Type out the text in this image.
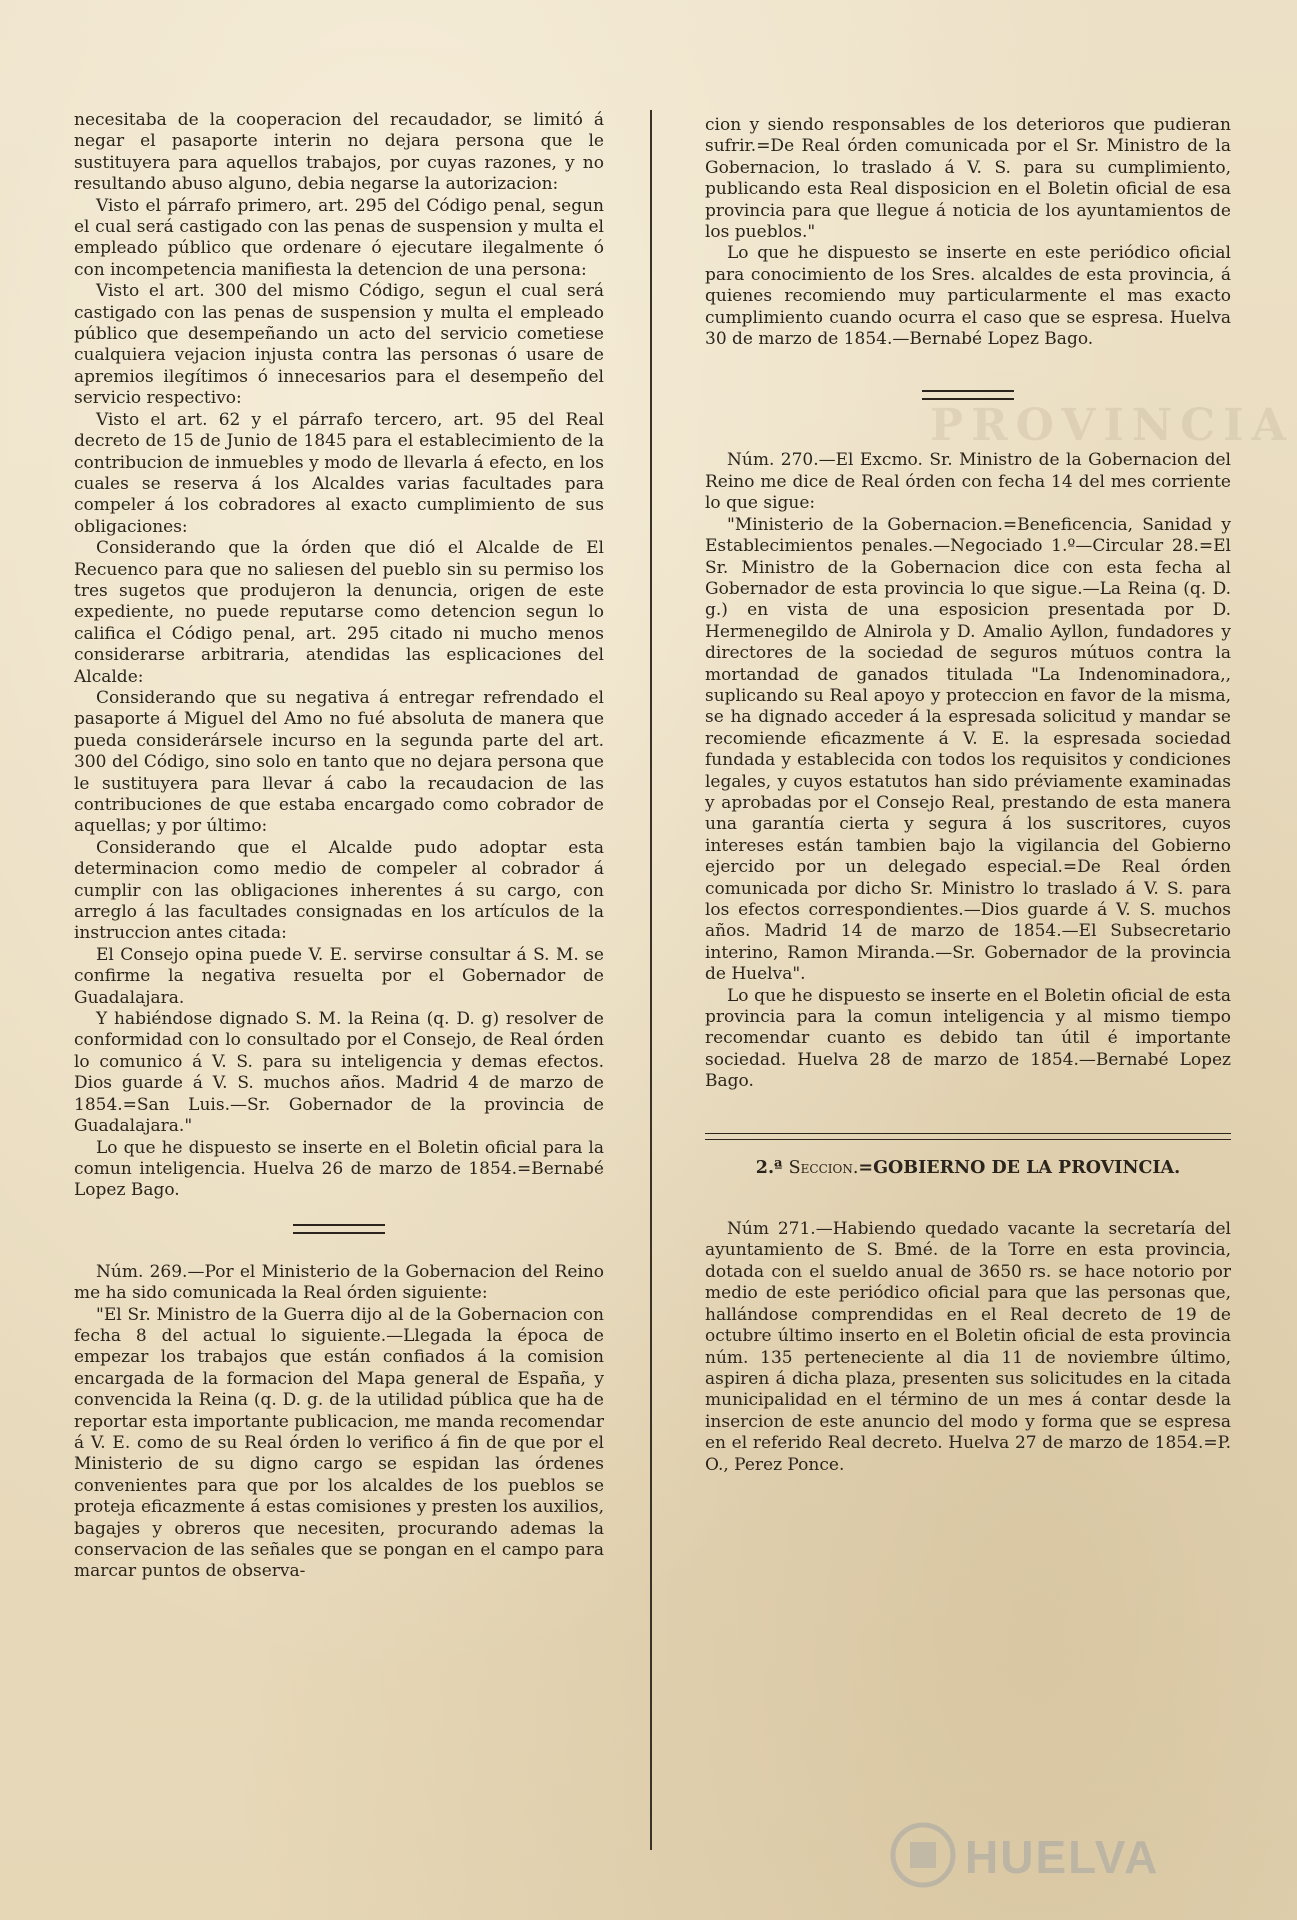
PROVINCIA

necesitaba de la cooperacion del recaudador, se limitó á negar el pasaporte interin no dejara persona que le sustituyera para aquellos trabajos, por cuyas razones, y no resultando abuso alguno, debia negarse la autorizacion:

Visto el párrafo primero, art. 295 del Código penal, segun el cual será castigado con las penas de suspension y multa el empleado público que ordenare ó ejecutare ilegalmente ó con incompetencia manifiesta la detencion de una persona:

Visto el art. 300 del mismo Código, segun el cual será castigado con las penas de suspension y multa el empleado público que desempeñando un acto del servicio cometiese cualquiera vejacion injusta contra las personas ó usare de apremios ilegítimos ó innecesarios para el desempeño del servicio respectivo:

Visto el art. 62 y el párrafo tercero, art. 95 del Real decreto de 15 de Junio de 1845 para el establecimiento de la contribucion de inmuebles y modo de llevarla á efecto, en los cuales se reserva á los Alcaldes varias facultades para compeler á los cobradores al exacto cumplimiento de sus obligaciones:

Considerando que la órden que dió el Alcalde de El Recuenco para que no saliesen del pueblo sin su permiso los tres sugetos que produjeron la denuncia, origen de este expediente, no puede reputarse como detencion segun lo califica el Código penal, art. 295 citado ni mucho menos considerarse arbitraria, atendidas las esplicaciones del Alcalde:

Considerando que su negativa á entregar refrendado el pasaporte á Miguel del Amo no fué absoluta de manera que pueda considerársele incurso en la segunda parte del art. 300 del Código, sino solo en tanto que no dejara persona que le sustituyera para llevar á cabo la recaudacion de las contribuciones de que estaba encargado como cobrador de aquellas; y por último:

Considerando que el Alcalde pudo adoptar esta determinacion como medio de compeler al cobrador á cumplir con las obligaciones inherentes á su cargo, con arreglo á las facultades consignadas en los artículos de la instruccion antes citada:

El Consejo opina puede V. E. servirse consultar á S. M. se confirme la negativa resuelta por el Gobernador de Guadalajara.

Y habiéndose dignado S. M. la Reina (q. D. g) resolver de conformidad con lo consultado por el Consejo, de Real órden lo comunico á V. S. para su inteligencia y demas efectos. Dios guarde á V. S. muchos años. Madrid 4 de marzo de 1854.=San Luis.—Sr. Gobernador de la provincia de Guadalajara."

Lo que he dispuesto se inserte en el Boletin oficial para la comun inteligencia. Huelva 26 de marzo de 1854.=Bernabé Lopez Bago.

Núm. 269.—Por el Ministerio de la Gobernacion del Reino me ha sido comunicada la Real órden siguiente:

"El Sr. Ministro de la Guerra dijo al de la Gobernacion con fecha 8 del actual lo siguiente.—Llegada la época de empezar los trabajos que están confiados á la comision encargada de la formacion del Mapa general de España, y convencida la Reina (q. D. g. de la utilidad pública que ha de reportar esta importante publicacion, me manda recomendar á V. E. como de su Real órden lo verifico á fin de que por el Ministerio de su digno cargo se espidan las órdenes convenientes para que por los alcaldes de los pueblos se proteja eficazmente á estas comisiones y presten los auxilios, bagajes y obreros que necesiten, procurando ademas la conservacion de las señales que se pongan en el campo para marcar puntos de observa-

cion y siendo responsables de los deterioros que pudieran sufrir.=De Real órden comunicada por el Sr. Ministro de la Gobernacion, lo traslado á V. S. para su cumplimiento, publicando esta Real disposicion en el Boletin oficial de esa provincia para que llegue á noticia de los ayuntamientos de los pueblos."

Lo que he dispuesto se inserte en este periódico oficial para conocimiento de los Sres. alcaldes de esta provincia, á quienes recomiendo muy particularmente el mas exacto cumplimiento cuando ocurra el caso que se espresa. Huelva 30 de marzo de 1854.—Bernabé Lopez Bago.

Núm. 270.—El Excmo. Sr. Ministro de la Gobernacion del Reino me dice de Real órden con fecha 14 del mes corriente lo que sigue:

"Ministerio de la Gobernacion.=Beneficencia, Sanidad y Establecimientos penales.—Negociado 1.º—Circular 28.=El Sr. Ministro de la Gobernacion dice con esta fecha al Gobernador de esta provincia lo que sigue.—La Reina (q. D. g.) en vista de una esposicion presentada por D. Hermenegildo de Alnirola y D. Amalio Ayllon, fundadores y directores de la sociedad de seguros mútuos contra la mortandad de ganados titulada "La Indenominadora,, suplicando su Real apoyo y proteccion en favor de la misma, se ha dignado acceder á la espresada solicitud y mandar se recomiende eficazmente á V. E. la espresada sociedad fundada y establecida con todos los requisitos y condiciones legales, y cuyos estatutos han sido préviamente examinadas y aprobadas por el Consejo Real, prestando de esta manera una garantía cierta y segura á los suscritores, cuyos intereses están tambien bajo la vigilancia del Gobierno ejercido por un delegado especial.=De Real órden comunicada por dicho Sr. Ministro lo traslado á V. S. para los efectos correspondientes.—Dios guarde á V. S. muchos años. Madrid 14 de marzo de 1854.—El Subsecretario interino, Ramon Miranda.—Sr. Gobernador de la provincia de Huelva".

Lo que he dispuesto se inserte en el Boletin oficial de esta provincia para la comun inteligencia y al mismo tiempo recomendar cuanto es debido tan útil é importante sociedad. Huelva 28 de marzo de 1854.—Bernabé Lopez Bago.

2.ª Seccion.=GOBIERNO DE LA PROVINCIA.

Núm 271.—Habiendo quedado vacante la secretaría del ayuntamiento de S. Bmé. de la Torre en esta provincia, dotada con el sueldo anual de 3650 rs. se hace notorio por medio de este periódico oficial para que las personas que, hallándose comprendidas en el Real decreto de 19 de octubre último inserto en el Boletin oficial de esta provincia núm. 135 perteneciente al dia 11 de noviembre último, aspiren á dicha plaza, presenten sus solicitudes en la citada municipalidad en el término de un mes á contar desde la insercion de este anuncio del modo y forma que se espresa en el referido Real decreto. Huelva 27 de marzo de 1854.=P. O., Perez Ponce.

HUELVA
